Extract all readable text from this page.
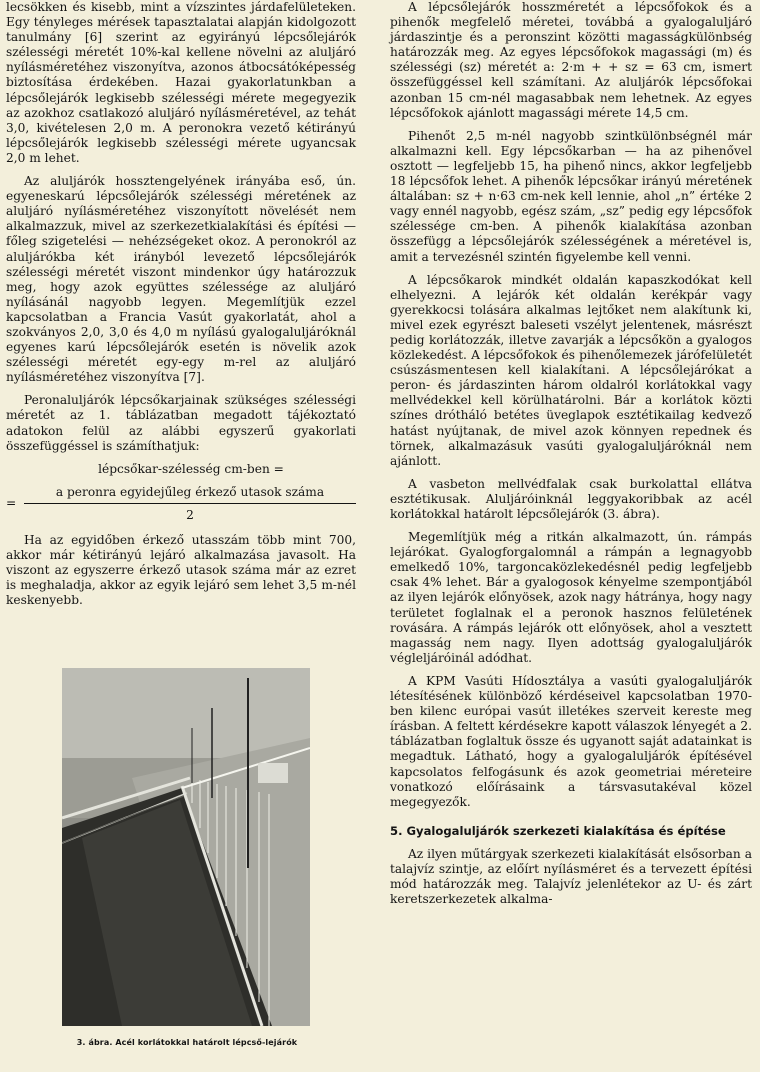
lecsökken és kisebb, mint a vízszintes járdafelületeken. Egy tényleges mérések tapasztalatai alapján kidolgozott tanulmány [6] szerint az egyirányú lépcsőlejárók szélességi méretét 10%-kal kellene növelni az aluljáró nyílásméretéhez viszonyítva, azonos átbocsátóképesség biztosítása érdekében. Hazai gyakorlatunkban a lépcsőlejárók legkisebb szélességi mérete megegyezik az azokhoz csatlakozó aluljáró nyílásméretével, az tehát 3,0, kivételesen 2,0 m. A peronokra vezető kétirányú lépcsőlejárók legkisebb szélességi mérete ugyancsak 2,0 m lehet.

Az aluljárók hossztengelyének irányába eső, ún. egyeneskarú lépcsőlejárók szélességi méretének az aluljáró nyílásméretéhez viszonyított növelését nem alkalmazzuk, mivel az szerkezetkialakítási és építési — főleg szigetelési — nehézségeket okoz. A peronokról az aluljárókba két irányból levezető lépcsőlejárók szélességi méretét viszont mindenkor úgy határozzuk meg, hogy azok együttes szélessége az aluljáró nyílásánál nagyobb legyen. Megemlítjük ezzel kapcsolatban a Francia Vasút gyakorlatát, ahol a szokványos 2,0, 3,0 és 4,0 m nyílású gyalogaluljáróknál egyenes karú lépcsőlejárók esetén is növelik azok szélességi méretét egy-egy m-rel az aluljáró nyílásméretéhez viszonyítva [7].

Peronaluljárók lépcsőkarjainak szükséges szélességi méretét az 1. táblázatban megadott tájékoztató adatokon felül az alábbi egyszerű gyakorlati összefüggéssel is számíthatjuk:

lépcsőkar-szélesség cm-ben =
= $\frac{\text{a peronra egyidejűleg érkező utasok száma}}{2}$

Ha az egyidőben érkező utasszám több mint 700, akkor már kétirányú lejáró alkalmazása javasolt. Ha viszont az egyszerre érkező utasok száma már az ezret is meghaladja, akkor az egyik lejáró sem lehet 3,5 m-nél keskenyebb.

3. ábra. Acél korlátokkal határolt lépcső-lejárók

A lépcsőlejárók hosszméretét a lépcsőfokok és a pihenők megfelelő méretei, továbbá a gyalogaluljáró járdaszintje és a peronszint közötti magasságkülönbség határozzák meg. Az egyes lépcsőfokok magassági (m) és szélességi (sz) méretét a: 2·m + + sz = 63 cm, ismert összefüggéssel kell számítani. Az aluljárók lépcsőfokai azonban 15 cm-nél magasabbak nem lehetnek. Az egyes lépcsőfokok ajánlott magassági mérete 14,5 cm.

Pihenőt 2,5 m-nél nagyobb szintkülönbségnél már alkalmazni kell. Egy lépcsőkarban — ha az pihenővel osztott — legfeljebb 15, ha pihenő nincs, akkor legfeljebb 18 lépcsőfok lehet. A pihenők lépcsőkar irányú méretének általában: sz + n·63 cm-nek kell lennie, ahol „n” értéke 2 vagy ennél nagyobb, egész szám, „sz” pedig egy lépcsőfok szélessége cm-ben. A pihenők kialakítása azonban összefügg a lépcsőlejárók szélességének a méretével is, amit a tervezésnél szintén figyelembe kell venni.

A lépcsőkarok mindkét oldalán kapaszkodókat kell elhelyezni. A lejárók két oldalán kerékpár vagy gyerekkocsi tolására alkalmas lejtőket nem alakítunk ki, mivel ezek egyrészt baleseti vszélyt jelentenek, másrészt pedig korlátozzák, illetve zavarják a lépcsőkön a gyalogos közlekedést. A lépcsőfokok és pihenőlemezek járófelületét csúszásmentesen kell kialakítani. A lépcsőlejárókat a peron- és járdaszinten három oldalról korlátokkal vagy mellvédekkel kell körülhatárolni. Bár a korlátok közti színes drótháló betétes üveglapok esztétikailag kedvező hatást nyújtanak, de mivel azok könnyen repednek és törnek, alkalmazásuk vasúti gyalogaluljáróknál nem ajánlott.

A vasbeton mellvédfalak csak burkolattal ellátva esztétikusak. Aluljáróinknál leggyakoribbak az acél korlátokkal határolt lépcsőlejárók (3. ábra).

Megemlítjük még a ritkán alkalmazott, ún. rámpás lejárókat. Gyalogforgalomnál a rámpán a legnagyobb emelkedő 10%, targoncaközlekedésnél pedig legfeljebb csak 4% lehet. Bár a gyalogosok kényelme szempontjából az ilyen lejárók előnyösek, azok nagy hátránya, hogy nagy területet foglalnak el a peronok hasznos felületének rovására. A rámpás lejárók ott előnyösek, ahol a vesztett magasság nem nagy. Ilyen adottság gyalogaluljárók végleljáróinál adódhat.

A KPM Vasúti Hídosztálya a vasúti gyalogaluljárók létesítésének különböző kérdéseivel kapcsolatban 1970-ben kilenc európai vasút illetékes szerveit kereste meg írásban. A feltett kérdésekre kapott válaszok lényegét a 2. táblázatban foglaltuk össze és ugyanott saját adatainkat is megadtuk. Látható, hogy a gyalogaluljárók építésével kapcsolatos felfogásunk és azok geometriai méreteire vonatkozó előírásaink a társvasutakéval közel megegyezők.

5. Gyalogaluljárók szerkezeti kialakítása és építése

Az ilyen műtárgyak szerkezeti kialakítását elsősorban a talajvíz szintje, az előírt nyílásméret és a tervezett építési mód határozzák meg. Talajvíz jelenlétekor az U- és zárt keretszerkezetek alkalma-
